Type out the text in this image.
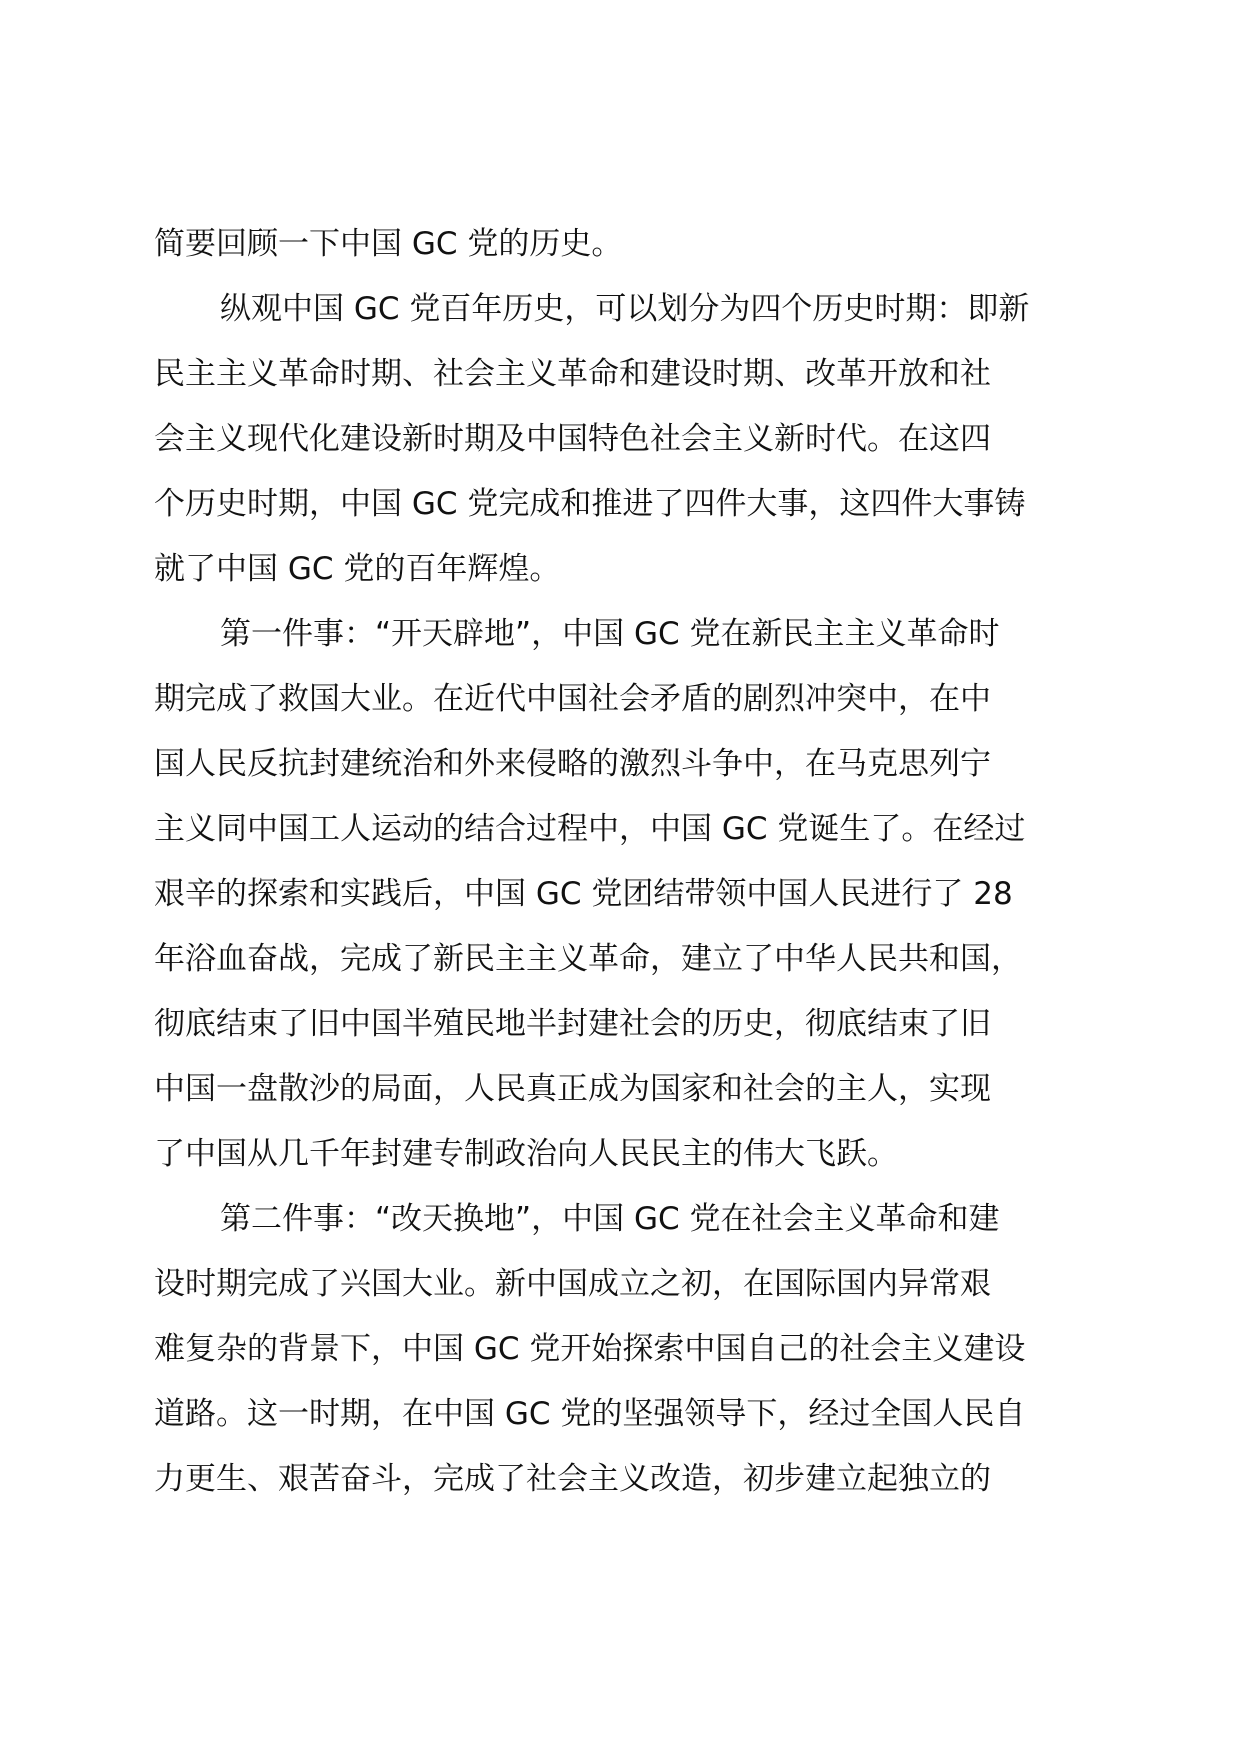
简要回顾一下中国 GC 党的历史。
纵观中国 GC 党百年历史，可以划分为四个历史时期：即新
民主主义革命时期、社会主义革命和建设时期、改革开放和社
会主义现代化建设新时期及中国特色社会主义新时代。在这四
个历史时期，中国 GC 党完成和推进了四件大事，这四件大事铸
就了中国 GC 党的百年辉煌。
第一件事：“开天辟地”，中国 GC 党在新民主主义革命时
期完成了救国大业。在近代中国社会矛盾的剧烈冲突中，在中
国人民反抗封建统治和外来侵略的激烈斗争中，在马克思列宁
主义同中国工人运动的结合过程中，中国 GC 党诞生了。在经过
艰辛的探索和实践后，中国 GC 党团结带领中国人民进行了 28
年浴血奋战，完成了新民主主义革命，建立了中华人民共和国，
彻底结束了旧中国半殖民地半封建社会的历史，彻底结束了旧
中国一盘散沙的局面，人民真正成为国家和社会的主人，实现
了中国从几千年封建专制政治向人民民主的伟大飞跃。
第二件事：“改天换地”，中国 GC 党在社会主义革命和建
设时期完成了兴国大业。新中国成立之初，在国际国内异常艰
难复杂的背景下，中国 GC 党开始探索中国自己的社会主义建设
道路。这一时期，在中国 GC 党的坚强领导下，经过全国人民自
力更生、艰苦奋斗，完成了社会主义改造，初步建立起独立的
